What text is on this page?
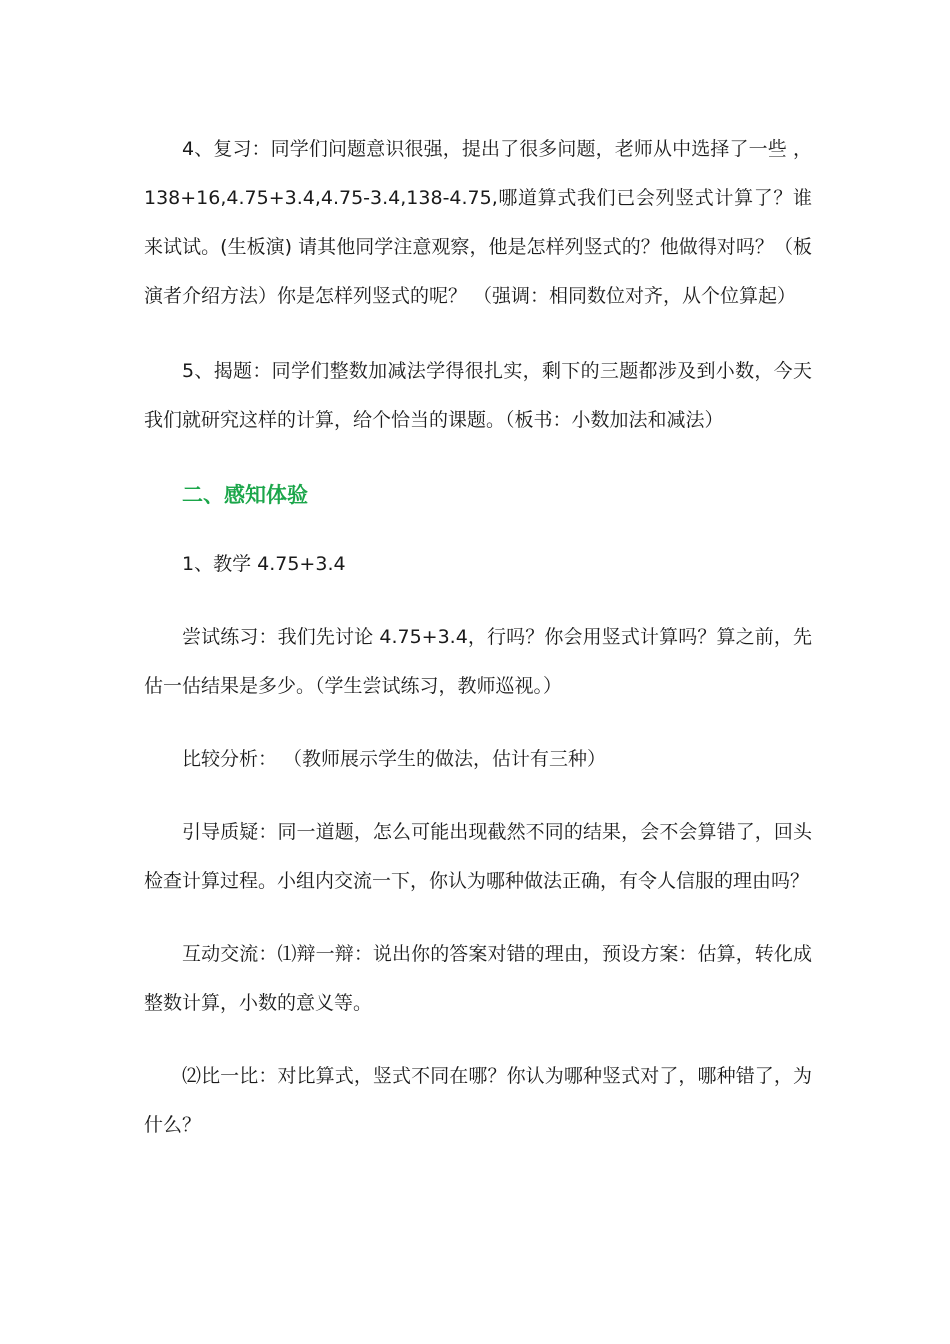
4、复习：同学们问题意识很强，提出了很多问题，老师从中选择了一些 ，138+16,4.75+3.4,4.75-3.4,138-4.75,哪道算式我们已会列竖式计算了？谁来试试。(生板演) 请其他同学注意观察，他是怎样列竖式的？他做得对吗？（板演者介绍方法）你是怎样列竖式的呢？ （强调：相同数位对齐，从个位算起）

5、揭题：同学们整数加减法学得很扎实，剩下的三题都涉及到小数，今天我们就研究这样的计算，给个恰当的课题。（板书：小数加法和减法）

二、感知体验

1、教学 4.75+3.4

尝试练习：我们先讨论 4.75+3.4，行吗？你会用竖式计算吗？算之前，先估一估结果是多少。（学生尝试练习，教师巡视。）

比较分析： （教师展示学生的做法，估计有三种）

引导质疑：同一道题，怎么可能出现截然不同的结果，会不会算错了，回头检查计算过程。小组内交流一下，你认为哪种做法正确，有令人信服的理由吗？

互动交流：⑴辩一辩：说出你的答案对错的理由，预设方案：估算，转化成整数计算，小数的意义等。

⑵比一比：对比算式，竖式不同在哪？你认为哪种竖式对了，哪种错了，为什么？
